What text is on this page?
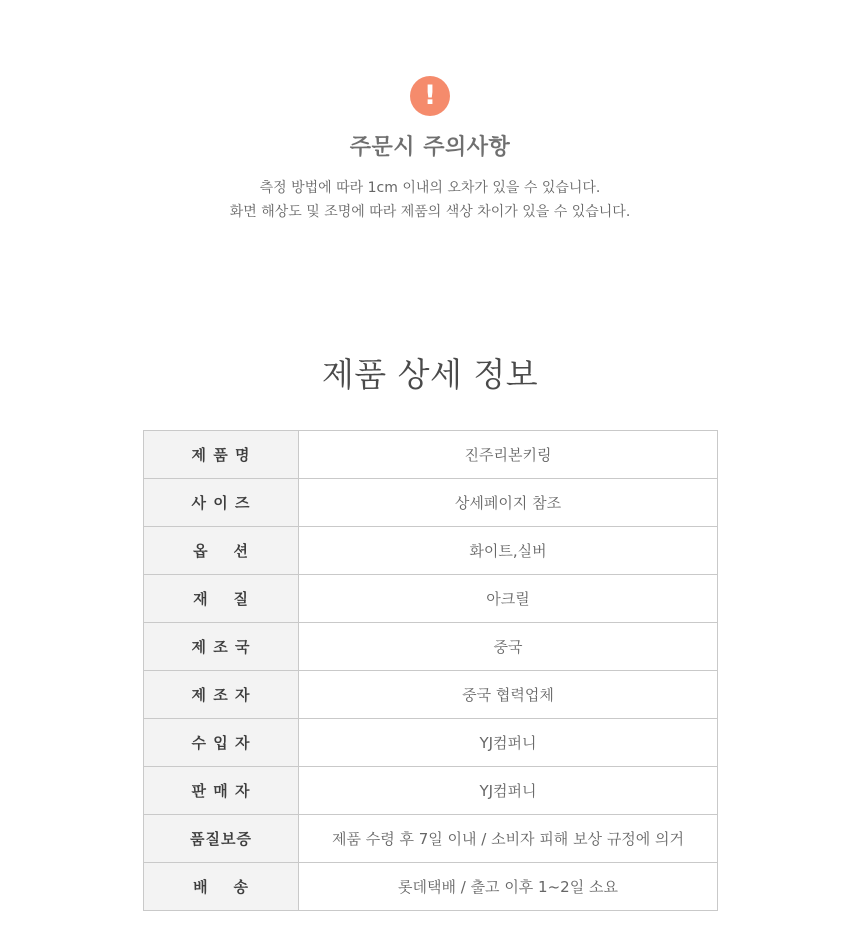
!
주문시 주의사항
측정 방법에 따라 1cm 이내의 오차가 있을 수 있습니다.
화면 해상도 및 조명에 따라 제품의 색상 차이가 있을 수 있습니다.
제품 상세 정보
제 품 명	진주리본키링
사 이 즈	상세페이지 참조
옵    션	화이트,실버
재    질	아크릴
제 조 국	중국
제 조 자	중국 협력업체
수 입 자	YJ컴퍼니
판 매 자	YJ컴퍼니
품질보증	제품 수령 후 7일 이내 / 소비자 피해 보상 규정에 의거
배    송	롯데택배 / 출고 이후 1~2일 소요
